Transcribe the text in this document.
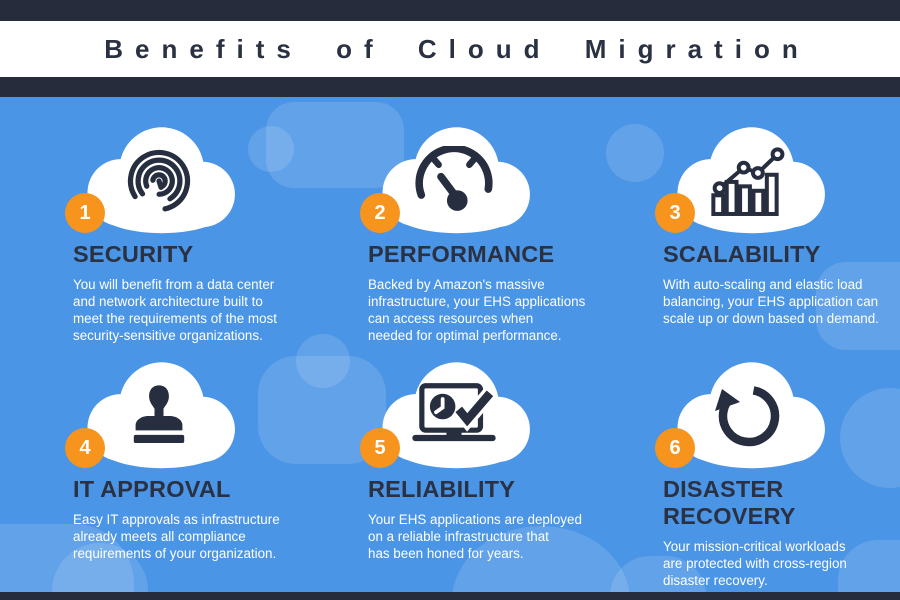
Benefits of Cloud Migration
1
SECURITY
You will benefit from a data center
and network architecture built to
meet the requirements of the most
security-sensitive organizations.
2
PERFORMANCE
Backed by Amazon's massive
infrastructure, your EHS applications
can access resources when
needed for optimal performance.
3
SCALABILITY
With auto-scaling and elastic load
balancing, your EHS application can
scale up or down based on demand.
4
IT APPROVAL
Easy IT approvals as infrastructure
already meets all compliance
requirements of your organization.
5
RELIABILITY
Your EHS applications are deployed
on a reliable infrastructure that
has been honed for years.
6
DISASTER RECOVERY
Your mission-critical workloads
are protected with cross-region
disaster recovery.
